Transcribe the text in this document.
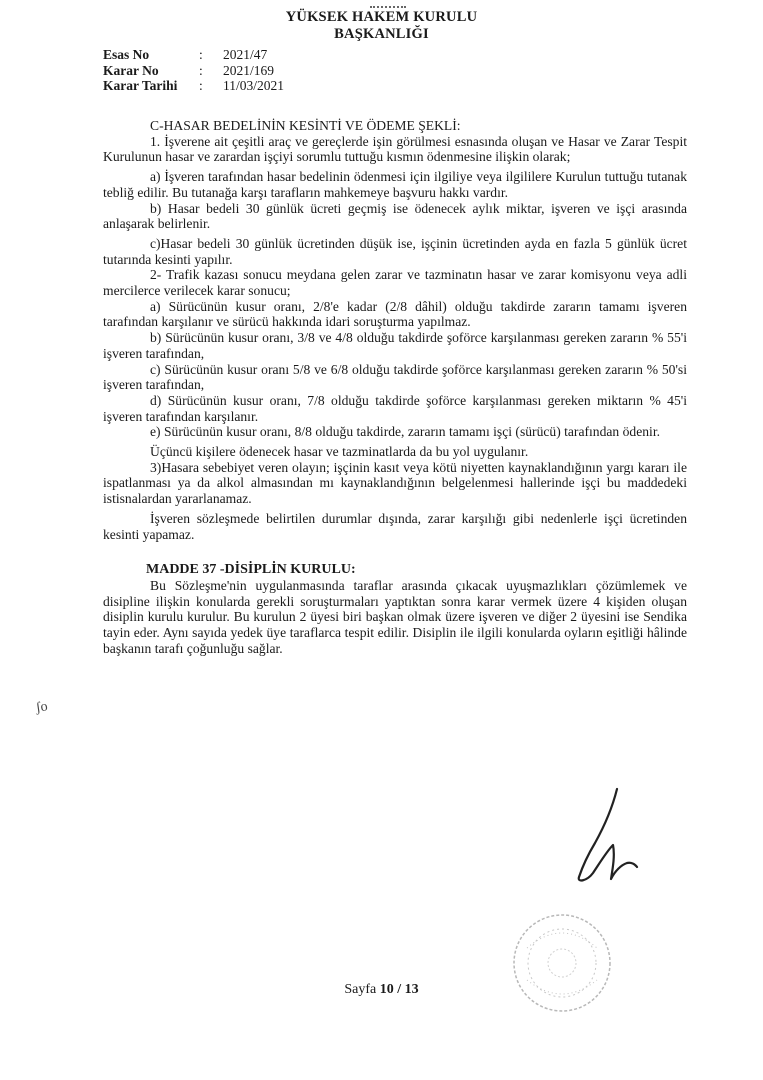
YÜKSEK HAKEM KURULU
BAŞKANLIĞI
Esas No	:	2021/47
Karar No	:	2021/169
Karar Tarihi	:	11/03/2021

C-HASAR BEDELİNİN KESİNTİ VE ÖDEME ŞEKLİ:

1. İşverene ait çeşitli araç ve gereçlerde işin görülmesi esnasında oluşan ve Hasar ve Zarar Tespit Kurulunun hasar ve zarardan işçiyi sorumlu tuttuğu kısmın ödenmesine ilişkin olarak;

a) İşveren tarafından hasar bedelinin ödenmesi için ilgiliye veya ilgililere Kurulun tuttuğu tutanak tebliğ edilir. Bu tutanağa karşı tarafların mahkemeye başvuru hakkı vardır.

b) Hasar bedeli 30 günlük ücreti geçmiş ise ödenecek aylık miktar, işveren ve işçi arasında anlaşarak belirlenir.

c)Hasar bedeli 30 günlük ücretinden düşük ise, işçinin ücretinden ayda en fazla 5 günlük ücret tutarında kesinti yapılır.

2- Trafik kazası sonucu meydana gelen zarar ve tazminatın hasar ve zarar komisyonu veya adli mercilerce verilecek karar sonucu;

a) Sürücünün kusur oranı, 2/8'e kadar (2/8 dâhil) olduğu takdirde zararın tamamı işveren tarafından karşılanır ve sürücü hakkında idari soruşturma yapılmaz.

b) Sürücünün kusur oranı, 3/8 ve 4/8 olduğu takdirde şoförce karşılanması gereken zararın % 55'i işveren tarafından,

c) Sürücünün kusur oranı 5/8 ve 6/8 olduğu takdirde şoförce karşılanması gereken zararın % 50'si işveren tarafından,

d) Sürücünün kusur oranı, 7/8 olduğu takdirde şoförce karşılanması gereken miktarın % 45'i işveren tarafından karşılanır.

e) Sürücünün kusur oranı, 8/8 olduğu takdirde, zararın tamamı işçi (sürücü) tarafından ödenir.

Üçüncü kişilere ödenecek hasar ve tazminatlarda da bu yol uygulanır.

3)Hasara sebebiyet veren olayın; işçinin kasıt veya kötü niyetten kaynaklandığının yargı kararı ile ispatlanması ya da alkol almasından mı kaynaklandığının belgelenmesi hallerinde işçi bu maddedeki istisnalardan yararlanamaz.

İşveren sözleşmede belirtilen durumlar dışında, zarar karşılığı gibi nedenlerle işçi ücretinden kesinti yapamaz.

MADDE 37 -DİSİPLİN KURULU:

Bu Sözleşme'nin uygulanmasında taraflar arasında çıkacak uyuşmazlıkları çözümlemek ve disipline ilişkin konularda gerekli soruşturmaları yaptıktan sonra karar vermek üzere 4 kişiden oluşan disiplin kurulu kurulur. Bu kurulun 2 üyesi biri başkan olmak üzere işveren ve diğer 2 üyesini ise Sendika tayin eder. Aynı sayıda yedek üye taraflarca tespit edilir. Disiplin ile ilgili konularda oyların eşitliği hâlinde başkanın tarafı çoğunluğu sağlar.

ʃo
Sayfa 10 / 13
